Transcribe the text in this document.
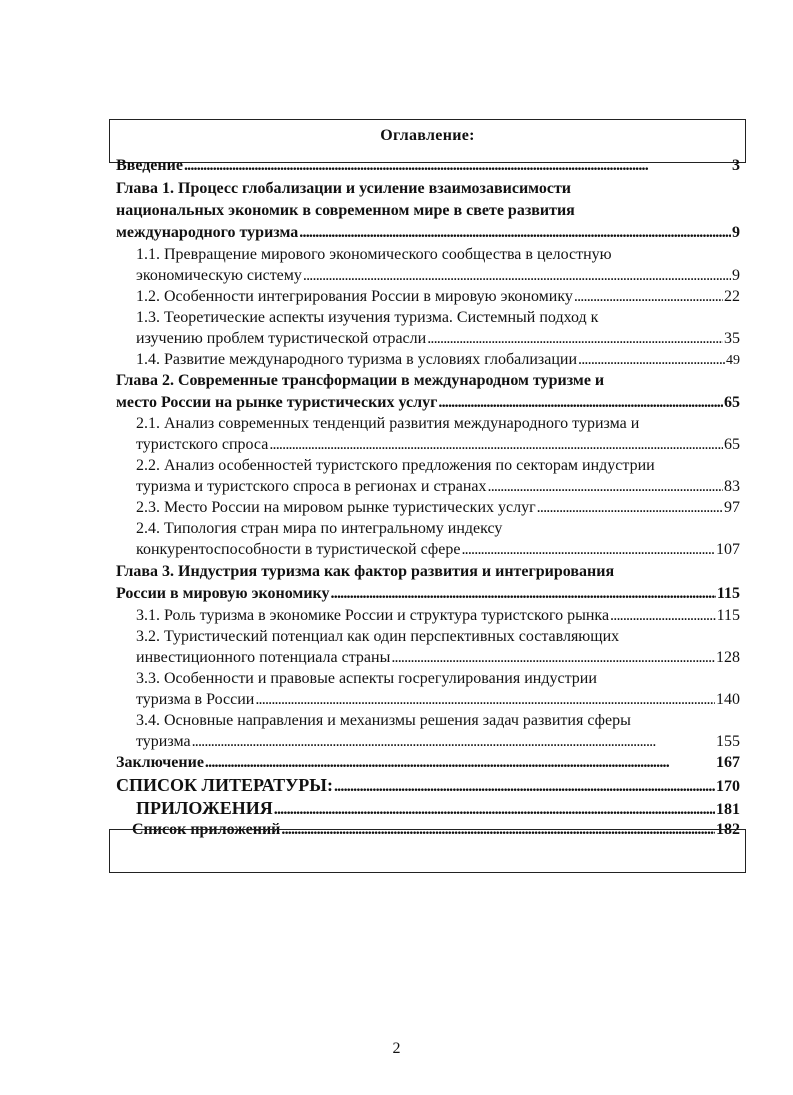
Оглавление:
Введение . . .	3
Глава 1. Процесс глобализации и усиление взаимозависимости
национальных экономик в современном мире в свете развития
международного туризма . . .	9
1.1. Превращение мирового экономического сообщества в целостную
экономическую систему . . .	9
1.2. Особенности интегрирования России в мировую экономику . . .	22
1.3. Теоретические аспекты изучения туризма. Системный подход к
изучению проблем туристической отрасли . . .	35
1.4. Развитие международного туризма в условиях глобализации . . .	49
Глава 2. Современные трансформации в международном туризме и
место России на рынке туристических услуг . . .	65
2.1. Анализ современных тенденций развития международного туризма и
туристского спроса . . .	65
2.2. Анализ особенностей туристского предложения по секторам индустрии
туризма и туристского спроса в регионах и странах . . .	83
2.3. Место России на мировом рынке туристических услуг . . .	97
2.4. Типология стран мира по интегральному индексу
конкурентоспособности в туристической сфере . . .	107
Глава 3. Индустрия туризма как фактор развития и интегрирования
России в мировую экономику . . .	115
3.1. Роль туризма в экономике России и структура туристского рынка . . .	115
3.2. Туристический потенциал как один перспективных составляющих
инвестиционного потенциала страны . . .	128
3.3. Особенности и правовые аспекты госрегулирования индустрии
туризма в России . . .	140
3.4. Основные направления и механизмы решения задач развития сферы
туризма . . .	155
Заключение . . .	167
СПИСОК ЛИТЕРАТУРЫ: . . .	170
ПРИЛОЖЕНИЯ . . .	181
Список приложений . . .	182
2
